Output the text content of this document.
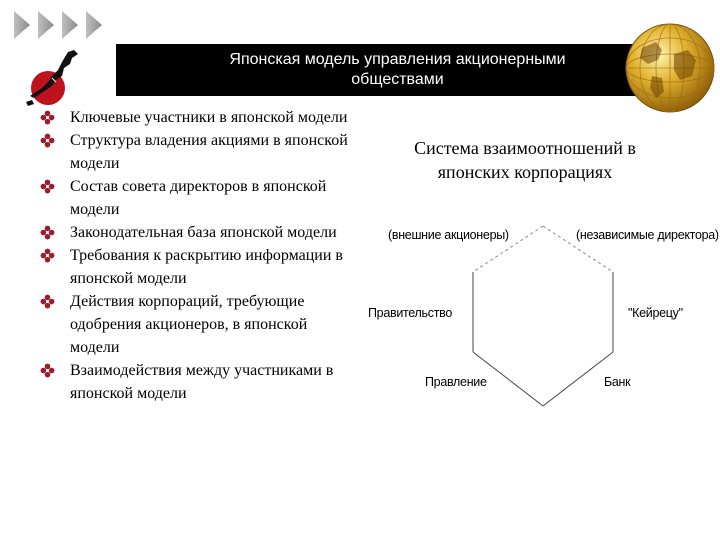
Японская модель управления акционерными обществами
Ключевые участники в японской модели
Структура владения акциями в японской модели
Состав совета директоров в японской модели
Законодательная база японской модели
Требования к раскрытию информации в японской модели
Действия корпораций, требующие одобрения акционеров, в японской модели
Взаимодействия между участниками в японской модели
Система взаимоотношений в японских корпорациях
(внешние акционеры)	(независимые директора)
Правительство	"Кейрецу"
Правление	Банк
